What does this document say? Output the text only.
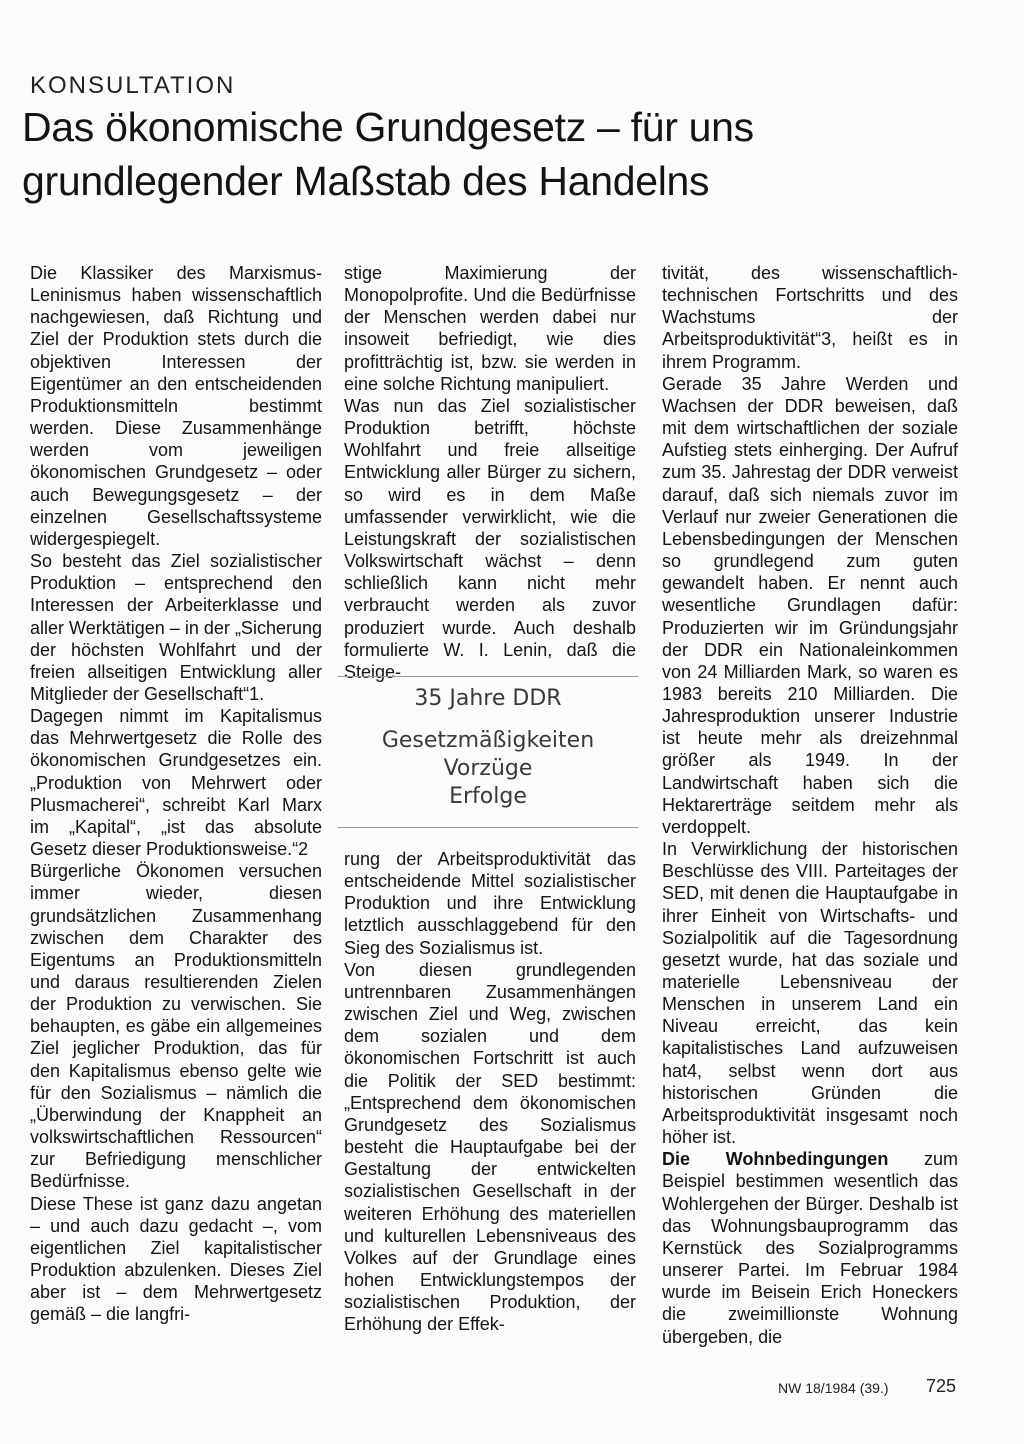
KONSULTATION
Das ökonomische Grundgesetz – für uns grundlegender Maßstab des Handelns

Die Klassiker des Marxismus-Leninismus haben wissenschaftlich nachgewiesen, daß Richtung und Ziel der Produktion stets durch die objektiven Interessen der Eigentümer an den entscheidenden Produktionsmitteln bestimmt werden. Diese Zusammenhänge werden vom jeweiligen ökonomischen Grundgesetz – oder auch Bewegungsgesetz – der einzelnen Gesellschaftssysteme widergespiegelt.

So besteht das Ziel sozialistischer Produktion – entsprechend den Interessen der Arbeiterklasse und aller Werktätigen – in der „Sicherung der höchsten Wohlfahrt und der freien allseitigen Entwicklung aller Mitglieder der Gesellschaft“1.

Dagegen nimmt im Kapitalismus das Mehrwertgesetz die Rolle des ökonomischen Grundgesetzes ein. „Produktion von Mehrwert oder Plusmacherei“, schreibt Karl Marx im „Kapital“, „ist das absolute Gesetz dieser Produktionsweise.“2

Bürgerliche Ökonomen versuchen immer wieder, diesen grundsätzlichen Zusammenhang zwischen dem Charakter des Eigentums an Produktionsmitteln und daraus resultierenden Zielen der Produktion zu verwischen. Sie behaupten, es gäbe ein allgemeines Ziel jeglicher Produktion, das für den Kapitalismus ebenso gelte wie für den Sozialismus – nämlich die „Überwindung der Knappheit an volkswirtschaftlichen Ressourcen“ zur Befriedigung menschlicher Bedürfnisse.

Diese These ist ganz dazu angetan – und auch dazu gedacht –, vom eigentlichen Ziel kapitalistischer Produktion abzulenken. Dieses Ziel aber ist – dem Mehrwertgesetz gemäß – die langfri-

stige Maximierung der Monopolprofite. Und die Bedürfnisse der Menschen werden dabei nur insoweit befriedigt, wie dies profitträchtig ist, bzw. sie werden in eine solche Richtung manipuliert.

Was nun das Ziel sozialistischer Produktion betrifft, höchste Wohlfahrt und freie allseitige Entwicklung aller Bürger zu sichern, so wird es in dem Maße umfassender verwirklicht, wie die Leistungskraft der sozialistischen Volkswirtschaft wächst – denn schließlich kann nicht mehr verbraucht werden als zuvor produziert wurde. Auch deshalb formulierte W. I. Lenin, daß die Steige-

35 Jahre DDR
Gesetzmäßigkeiten
Vorzüge
Erfolge

rung der Arbeitsproduktivität das entscheidende Mittel sozialistischer Produktion und ihre Entwicklung letztlich ausschlaggebend für den Sieg des Sozialismus ist.

Von diesen grundlegenden untrennbaren Zusammenhängen zwischen Ziel und Weg, zwischen dem sozialen und dem ökonomischen Fortschritt ist auch die Politik der SED bestimmt: „Entsprechend dem ökonomischen Grundgesetz des Sozialismus besteht die Hauptaufgabe bei der Gestaltung der entwickelten sozialistischen Gesellschaft in der weiteren Erhöhung des materiellen und kulturellen Lebensniveaus des Volkes auf der Grundlage eines hohen Entwicklungstempos der sozialistischen Produktion, der Erhöhung der Effek-

tivität, des wissenschaftlich-technischen Fortschritts und des Wachstums der Arbeitsproduktivität“3, heißt es in ihrem Programm.

Gerade 35 Jahre Werden und Wachsen der DDR beweisen, daß mit dem wirtschaftlichen der soziale Aufstieg stets einherging. Der Aufruf zum 35. Jahrestag der DDR verweist darauf, daß sich niemals zuvor im Verlauf nur zweier Generationen die Lebensbedingungen der Menschen so grundlegend zum guten gewandelt haben. Er nennt auch wesentliche Grundlagen dafür: Produzierten wir im Gründungsjahr der DDR ein Nationaleinkommen von 24 Milliarden Mark, so waren es 1983 bereits 210 Milliarden. Die Jahresproduktion unserer Industrie ist heute mehr als dreizehnmal größer als 1949. In der Landwirtschaft haben sich die Hektarerträge seitdem mehr als verdoppelt.

In Verwirklichung der historischen Beschlüsse des VIII. Parteitages der SED, mit denen die Hauptaufgabe in ihrer Einheit von Wirtschafts- und Sozialpolitik auf die Tagesordnung gesetzt wurde, hat das soziale und materielle Lebensniveau der Menschen in unserem Land ein Niveau erreicht, das kein kapitalistisches Land aufzuweisen hat4, selbst wenn dort aus historischen Gründen die Arbeitsproduktivität insgesamt noch höher ist.

Die Wohnbedingungen zum Beispiel bestimmen wesentlich das Wohlergehen der Bürger. Deshalb ist das Wohnungsbauprogramm das Kernstück des Sozialprogramms unserer Partei. Im Februar 1984 wurde im Beisein Erich Honeckers die zweimillionste Wohnung übergeben, die

NW 18/1984 (39.) 725
